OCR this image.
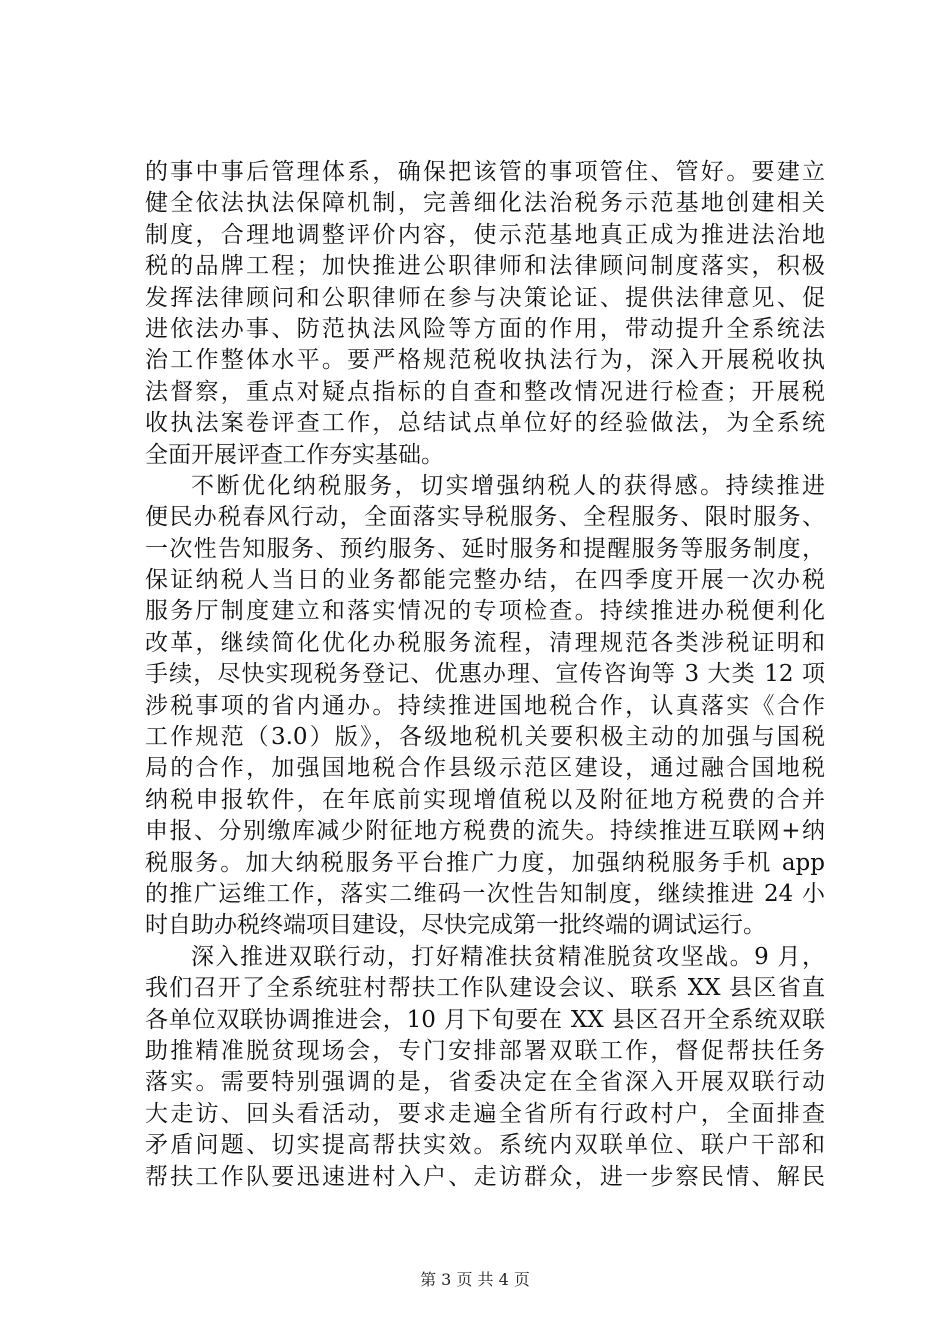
的事中事后管理体系，确保把该管的事项管住、管好。要建立
健全依法执法保障机制，完善细化法治税务示范基地创建相关
制度，合理地调整评价内容，使示范基地真正成为推进法治地
税的品牌工程；加快推进公职律师和法律顾问制度落实，积极
发挥法律顾问和公职律师在参与决策论证、提供法律意见、促
进依法办事、防范执法风险等方面的作用，带动提升全系统法
治工作整体水平。要严格规范税收执法行为，深入开展税收执
法督察，重点对疑点指标的自查和整改情况进行检查；开展税
收执法案卷评查工作，总结试点单位好的经验做法，为全系统
全面开展评查工作夯实基础。
不断优化纳税服务，切实增强纳税人的获得感。持续推进
便民办税春风行动，全面落实导税服务、全程服务、限时服务、
一次性告知服务、预约服务、延时服务和提醒服务等服务制度，
保证纳税人当日的业务都能完整办结，在四季度开展一次办税
服务厅制度建立和落实情况的专项检查。持续推进办税便利化
改革，继续简化优化办税服务流程，清理规范各类涉税证明和
手续，尽快实现税务登记、优惠办理、宣传咨询等 3 大类 12 项
涉税事项的省内通办。持续推进国地税合作，认真落实《合作
工作规范（3.0）版》，各级地税机关要积极主动的加强与国税
局的合作，加强国地税合作县级示范区建设，通过融合国地税
纳税申报软件，在年底前实现增值税以及附征地方税费的合并
申报、分别缴库减少附征地方税费的流失。持续推进互联网+纳
税服务。加大纳税服务平台推广力度，加强纳税服务手机 app
的推广运维工作，落实二维码一次性告知制度，继续推进 24 小
时自助办税终端项目建设，尽快完成第一批终端的调试运行。
深入推进双联行动，打好精准扶贫精准脱贫攻坚战。9 月，
我们召开了全系统驻村帮扶工作队建设会议、联系 XX 县区省直
各单位双联协调推进会，10 月下旬要在 XX 县区召开全系统双联
助推精准脱贫现场会，专门安排部署双联工作，督促帮扶任务
落实。需要特别强调的是，省委决定在全省深入开展双联行动
大走访、回头看活动，要求走遍全省所有行政村户，全面排查
矛盾问题、切实提高帮扶实效。系统内双联单位、联户干部和
帮扶工作队要迅速进村入户、走访群众，进一步察民情、解民
第 3 页 共 4 页
